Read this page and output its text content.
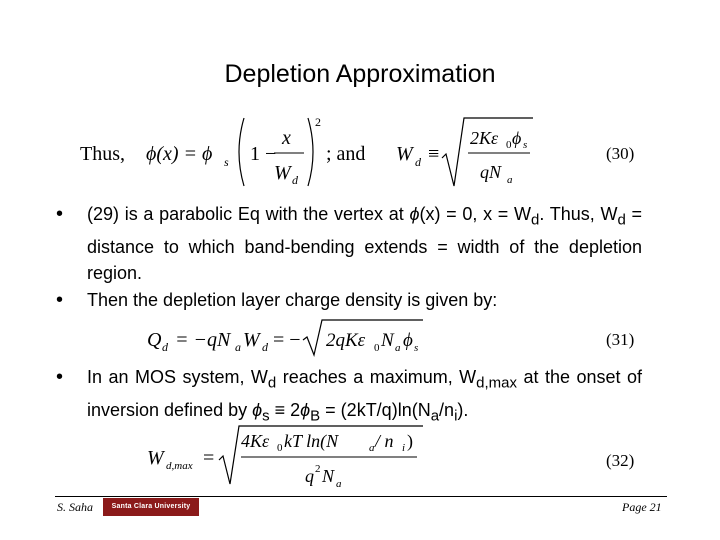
Depletion Approximation
Thus, ϕ(x) = ϕ s 1 −
x
W d
2
; and W d ≡
2Kε 0 ϕ s
qN a
(30)
• (29) is a parabolic Eq with the vertex at ϕ(x) = 0, $x = W_d$. Thus, $W_d$ = distance to which band-bending extends = width of the depletion region.
• Then the depletion layer charge density is given by:
Q d = −qN a W d = − 2qKε 0 N a ϕ s	(31)
• In an MOS system, $W_d$ reaches a maximum, $W_{d,max}$ at the onset of inversion defined by $\phi_s \equiv 2\phi_B = (2kT/q)\ln(N_a/n_i)$.
W d,max =
4Kε 0 kT ln(N	a / n i )
q 2 N a
(32)
S. Saha	Santa Clara University	Page 21
